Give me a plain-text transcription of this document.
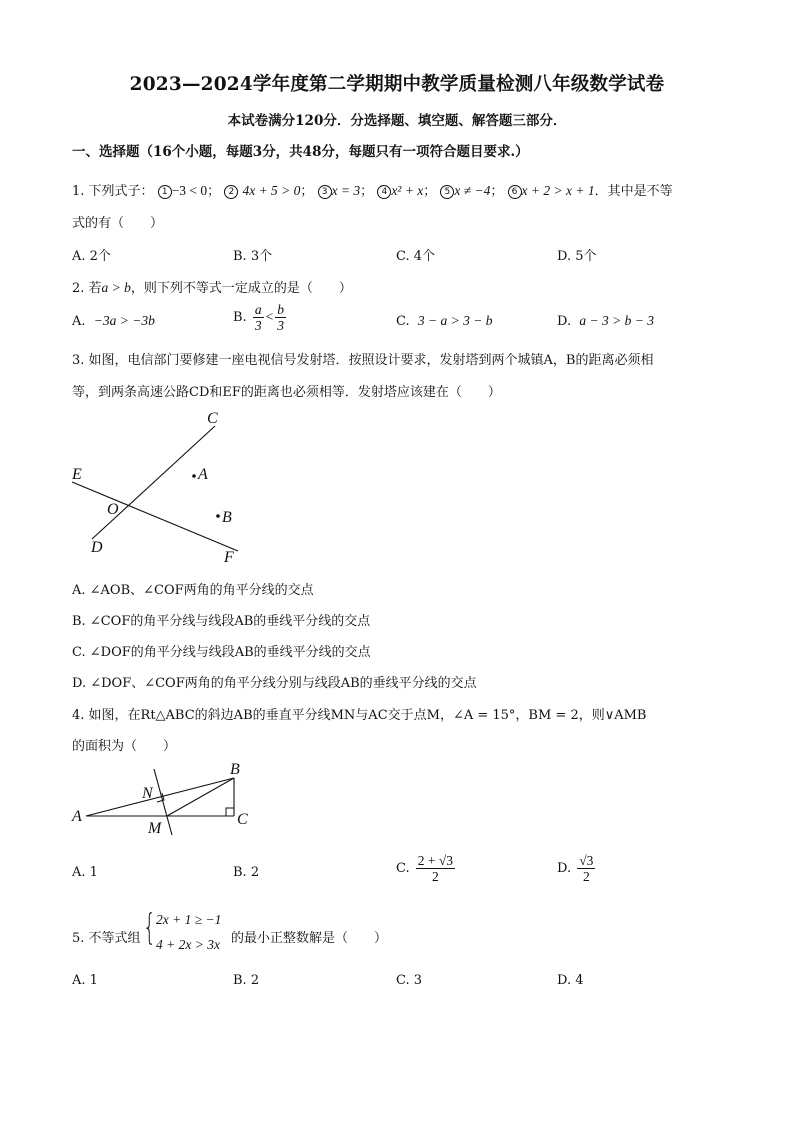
2023—2024学年度第二学期期中教学质量检测八年级数学试卷
本试卷满分120分．分选择题、填空题、解答题三部分．
一、选择题（16个小题，每题3分，共48分，每题只有一项符合题目要求.）
1. 下列式子： 1 −3 < 0； 2 4x + 5 > 0； 3 x = 3； 4 x² + x； 5 x ≠ −4； 6 x + 2 > x + 1．其中是不等
式的有（　　）
A. 2个	B. 3个	C. 4个	D. 5个
2. 若a > b，则下列不等式一定成立的是（　　）
A. −3a > −3b	B. $\frac{a}{3} < \frac{b}{3}$	C. 3 − a > 3 − b	D. a − 3 > b − 3
3. 如图，电信部门要修建一座电视信号发射塔．按照设计要求，发射塔到两个城镇A，B的距离必须相
等，到两条高速公路CD和EF的距离也必须相等．发射塔应该建在（　　）
C
E	A
O	B
D
F
A. ∠AOB、∠COF两角的角平分线的交点
B. ∠COF的角平分线与线段AB的垂线平分线的交点
C. ∠DOF的角平分线与线段AB的垂线平分线的交点
D. ∠DOF、∠COF两角的角平分线分别与线段AB的垂线平分线的交点
4. 如图，在Rt△ABC的斜边AB的垂直平分线MN与AC交于点M，∠A = 15°，BM = 2，则∨AMB
的面积为（　　）
B
N
A
M
C
A. 1	B. 2	C. $\frac{2 + √3}{2}$	D. $\frac{√3}{2}$
5. 不等式组 { 2x + 1 ≥ −1
4 + 2x > 3x 的最小正整数解是（　　）
A. 1	B. 2	C. 3	D. 4
